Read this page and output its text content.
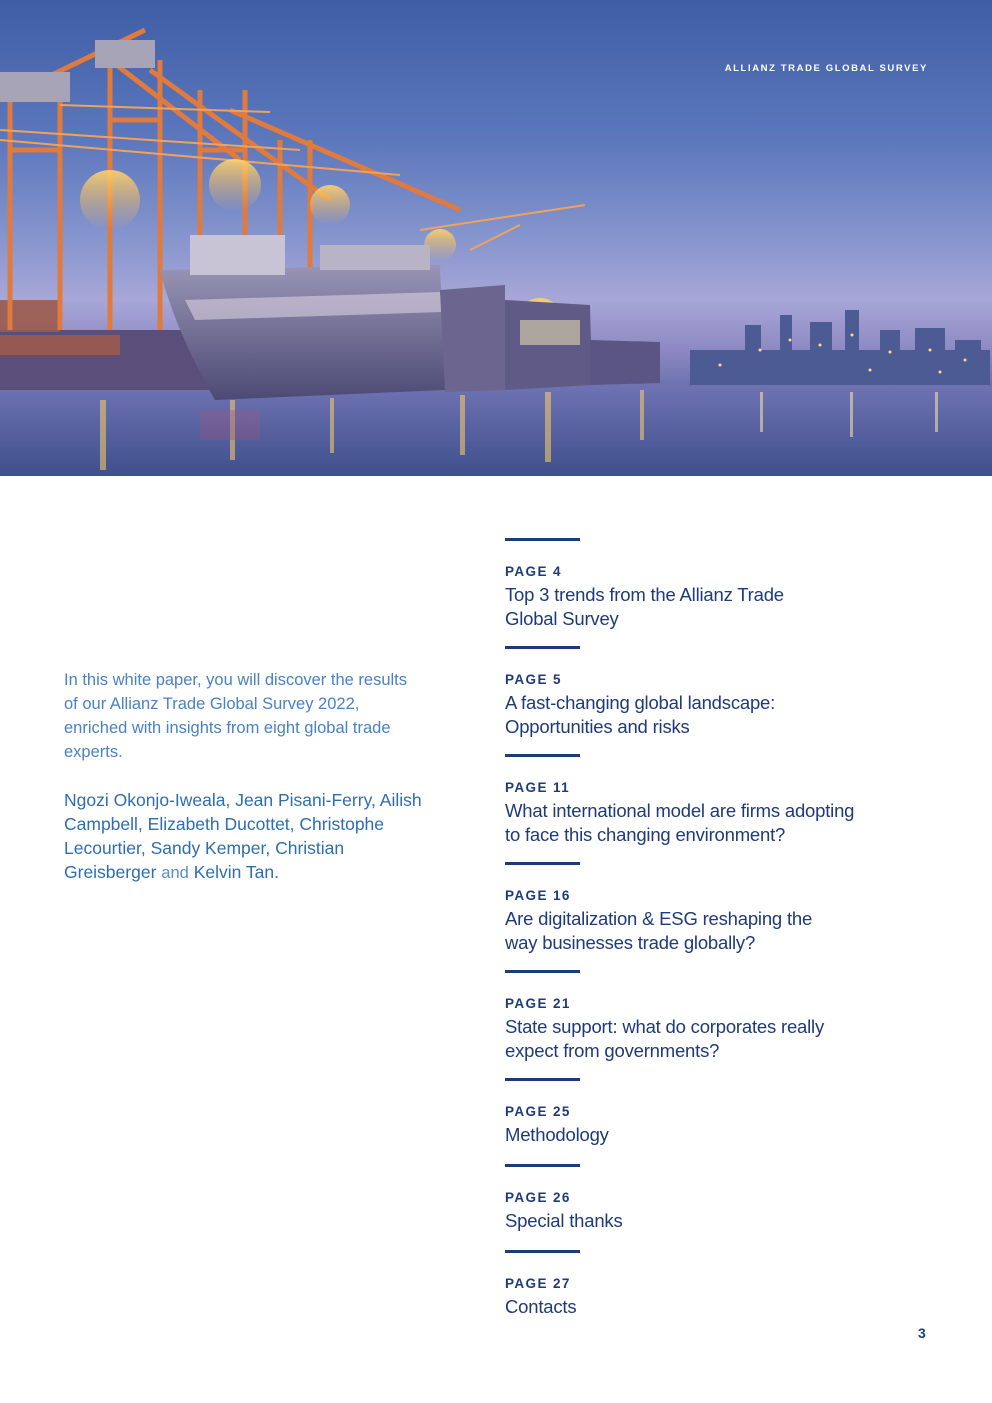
ALLIANZ TRADE GLOBAL SURVEY

In this white paper, you will discover the results of our Allianz Trade Global Survey 2022, enriched with insights from eight global trade experts.

Ngozi Okonjo-Iweala, Jean Pisani-Ferry, Ailish Campbell, Elizabeth Ducottet, Christophe Lecourtier, Sandy Kemper, Christian Greisberger and Kelvin Tan.

PAGE 4
Top 3 trends from the Allianz Trade
Global Survey
PAGE 5
A fast-changing global landscape:
Opportunities and risks
PAGE 11
What international model are firms adopting
to face this changing environment?
PAGE 16
Are digitalization & ESG reshaping the
way businesses trade globally?
PAGE 21
State support: what do corporates really
expect from governments?
PAGE 25
Methodology
PAGE 26
Special thanks
PAGE 27
Contacts
3
